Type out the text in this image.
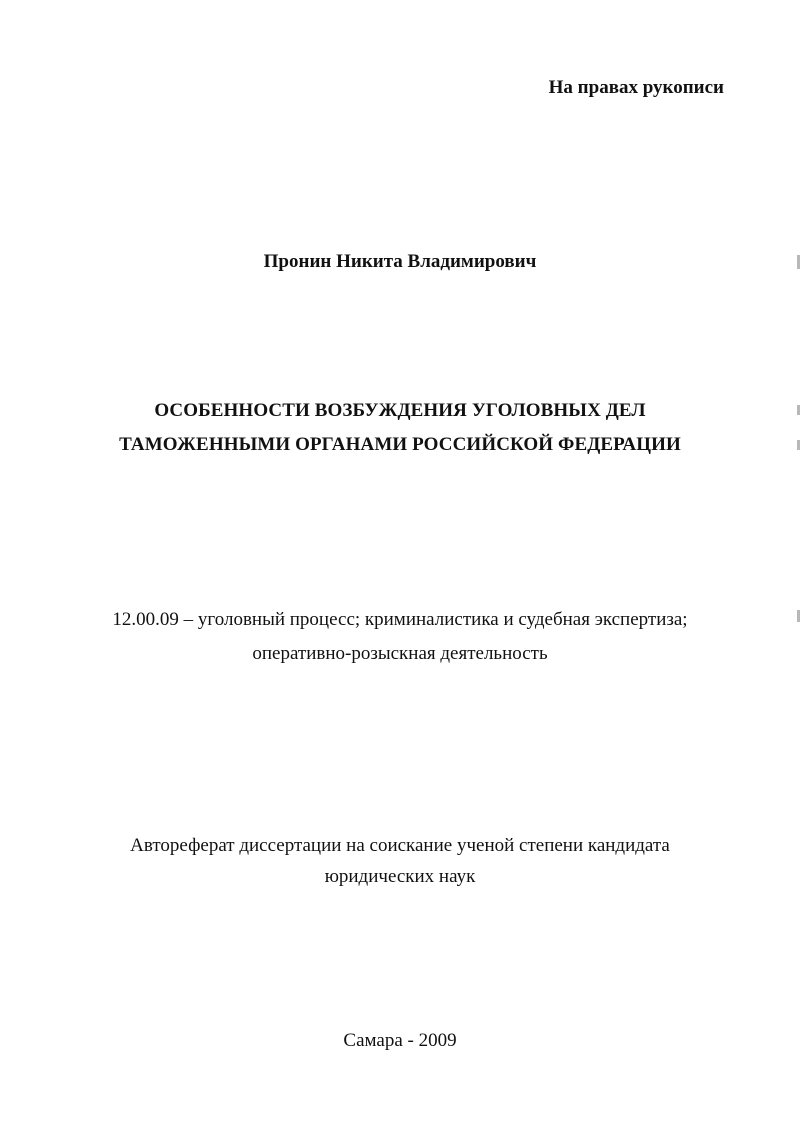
На правах рукописи
Пронин Никита Владимирович
ОСОБЕННОСТИ ВОЗБУЖДЕНИЯ УГОЛОВНЫХ ДЕЛ
ТАМОЖЕННЫМИ ОРГАНАМИ РОССИЙСКОЙ ФЕДЕРАЦИИ
12.00.09 – уголовный процесс; криминалистика и судебная экспертиза;
оперативно-розыскная деятельность
Автореферат диссертации на соискание ученой степени кандидата
юридических наук
Самара - 2009
